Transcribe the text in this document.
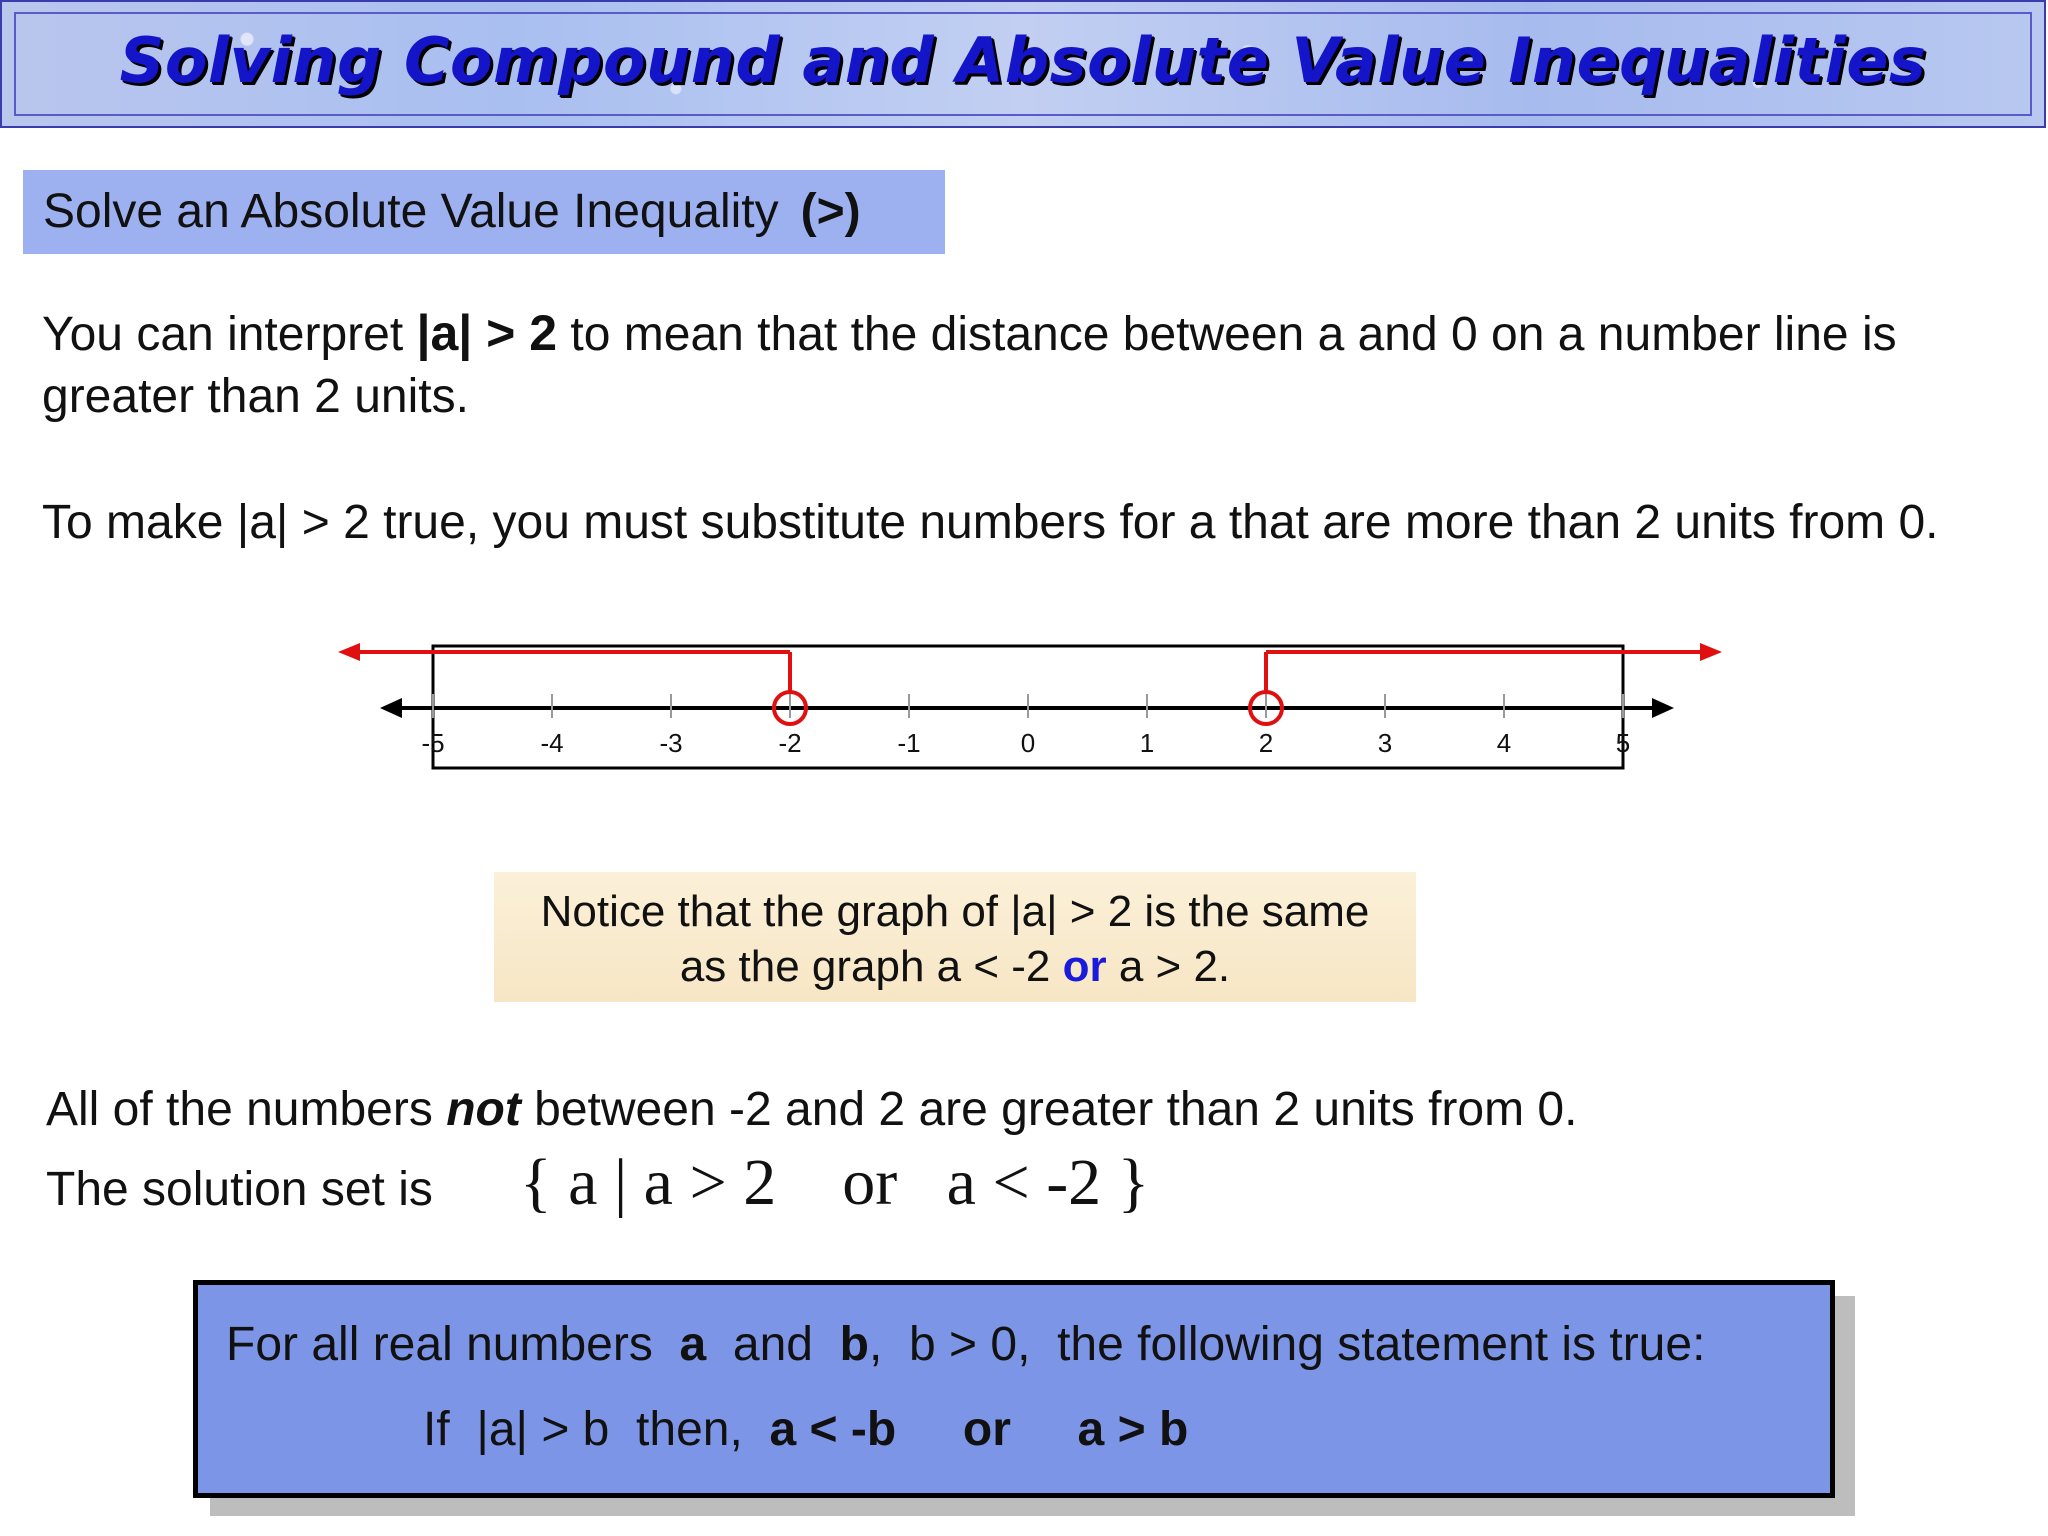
Solving Compound and Absolute Value Inequalities
Solve an Absolute Value Inequality (>)

You can interpret |a| > 2 to mean that the distance between a and 0 on a number line is greater than 2 units.

To make |a| > 2 true, you must substitute numbers for a that are more than 2 units from 0.

-5	-4	-3	-2	-1	0	1	2	3	4	5
Notice that the graph of |a| > 2 is the same
as the graph a < -2 or a > 2.
All of the numbers not between -2 and 2 are greater than 2 units from 0.
The solution set is { a | a > 2    or   a < -2 }
For all real numbers  a  and  b,  b > 0,  the following statement is true:
If  |a| > b  then,  a < -b     or     a > b
